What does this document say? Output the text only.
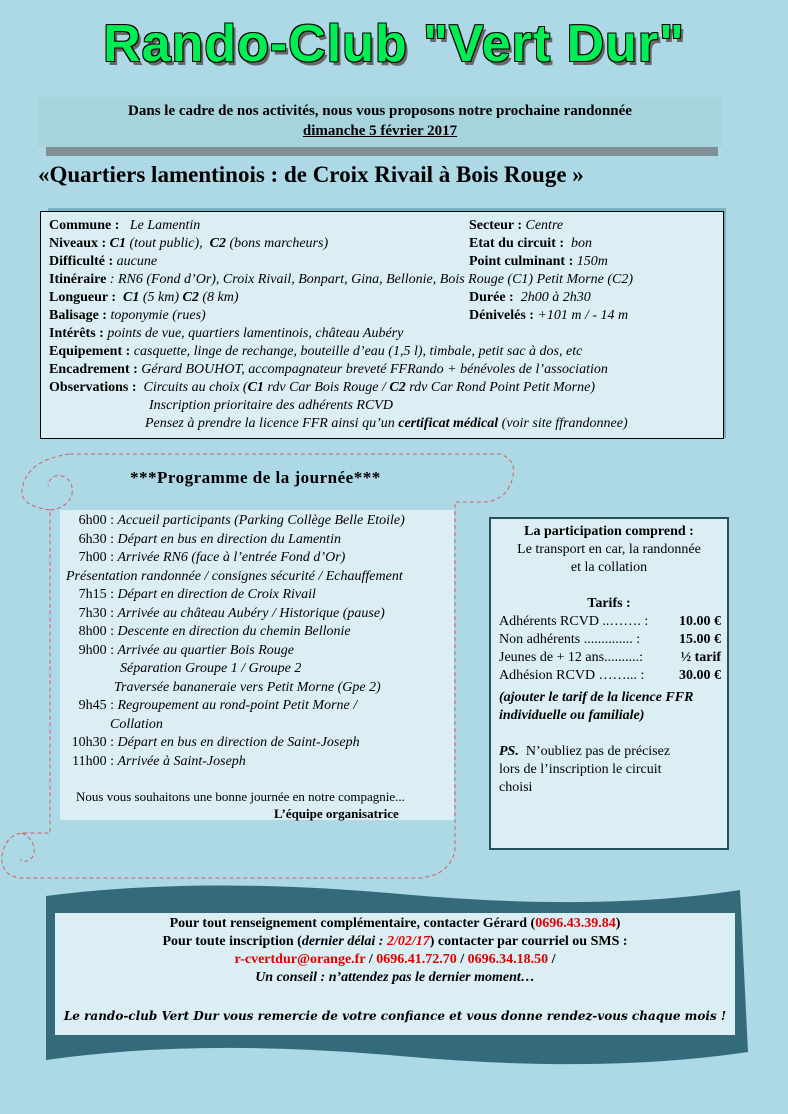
Rando-Club "Vert Dur"
Dans le cadre de nos activités, nous vous proposons notre prochaine randonnée
dimanche 5 février 2017
«Quartiers lamentinois : de Croix Rivail à Bois Rouge »
Commune : Le Lamentin	Secteur : Centre
Niveaux : C1 (tout public), C2 (bons marcheurs)	Etat du circuit : bon
Difficulté : aucune	Point culminant : 150m
Itinéraire : RN6 (Fond d’Or), Croix Rivail, Bonpart, Gina, Bellonie, Bois Rouge (C1) Petit Morne (C2)
Longueur : C1 (5 km) C2 (8 km)	Durée : 2h00 à 2h30
Balisage : toponymie (rues)	Dénivelés : +101 m / - 14 m
Intérêts : points de vue, quartiers lamentinois, château Aubéry
Equipement : casquette, linge de rechange, bouteille d’eau (1,5 l), timbale, petit sac à dos, etc
Encadrement : Gérard BOUHOT, accompagnateur breveté FFRando + bénévoles de l’association
Observations : Circuits au choix (C1 rdv Car Bois Rouge / C2 rdv Car Rond Point Petit Morne)
Inscription prioritaire des adhérents RCVD
Pensez à prendre la licence FFR ainsi qu’un certificat médical (voir site ffrandonnee)
***Programme de la journée***
6h00 : Accueil participants (Parking Collège Belle Etoile)
6h30 : Départ en bus en direction du Lamentin
7h00 : Arrivée RN6 (face à l’entrée Fond d’Or)
Présentation randonnée / consignes sécurité / Echauffement
7h15 : Départ en direction de Croix Rivail
7h30 : Arrivée au château Aubéry / Historique (pause)
8h00 : Descente en direction du chemin Bellonie
9h00 : Arrivée au quartier Bois Rouge
Séparation Groupe 1 / Groupe 2
Traversée bananeraie vers Petit Morne (Gpe 2)
9h45 : Regroupement au rond-point Petit Morne /
Collation
10h30 : Départ en bus en direction de Saint-Joseph
11h00 : Arrivée à Saint-Joseph
Nous vous souhaitons une bonne journée en notre compagnie...
L’équipe organisatrice
La participation comprend :
Le transport en car, la randonnée
et la collation
Tarifs :
(ajouter le tarif de la licence FFR
individuelle ou familiale)
PS. N’oubliez pas de précisez
lors de l’inscription le circuit
choisi
Adhérents RCVD ..……. : 10.00 €
Non adhérents .............. :	15.00 €
Jeunes de + 12 ans..........:	½ tarif
Adhésion RCVD ……... : 30.00 €
Pour tout renseignement complémentaire, contacter Gérard (0696.43.39.84)
Pour toute inscription (dernier délai : 2/02/17) contacter par courriel ou SMS :
r-cvertdur@orange.fr / 0696.41.72.70 / 0696.34.18.50 /
Un conseil : n’attendez pas le dernier moment…
Le rando-club Vert Dur vous remercie de votre confiance et vous donne rendez-vous chaque mois !
